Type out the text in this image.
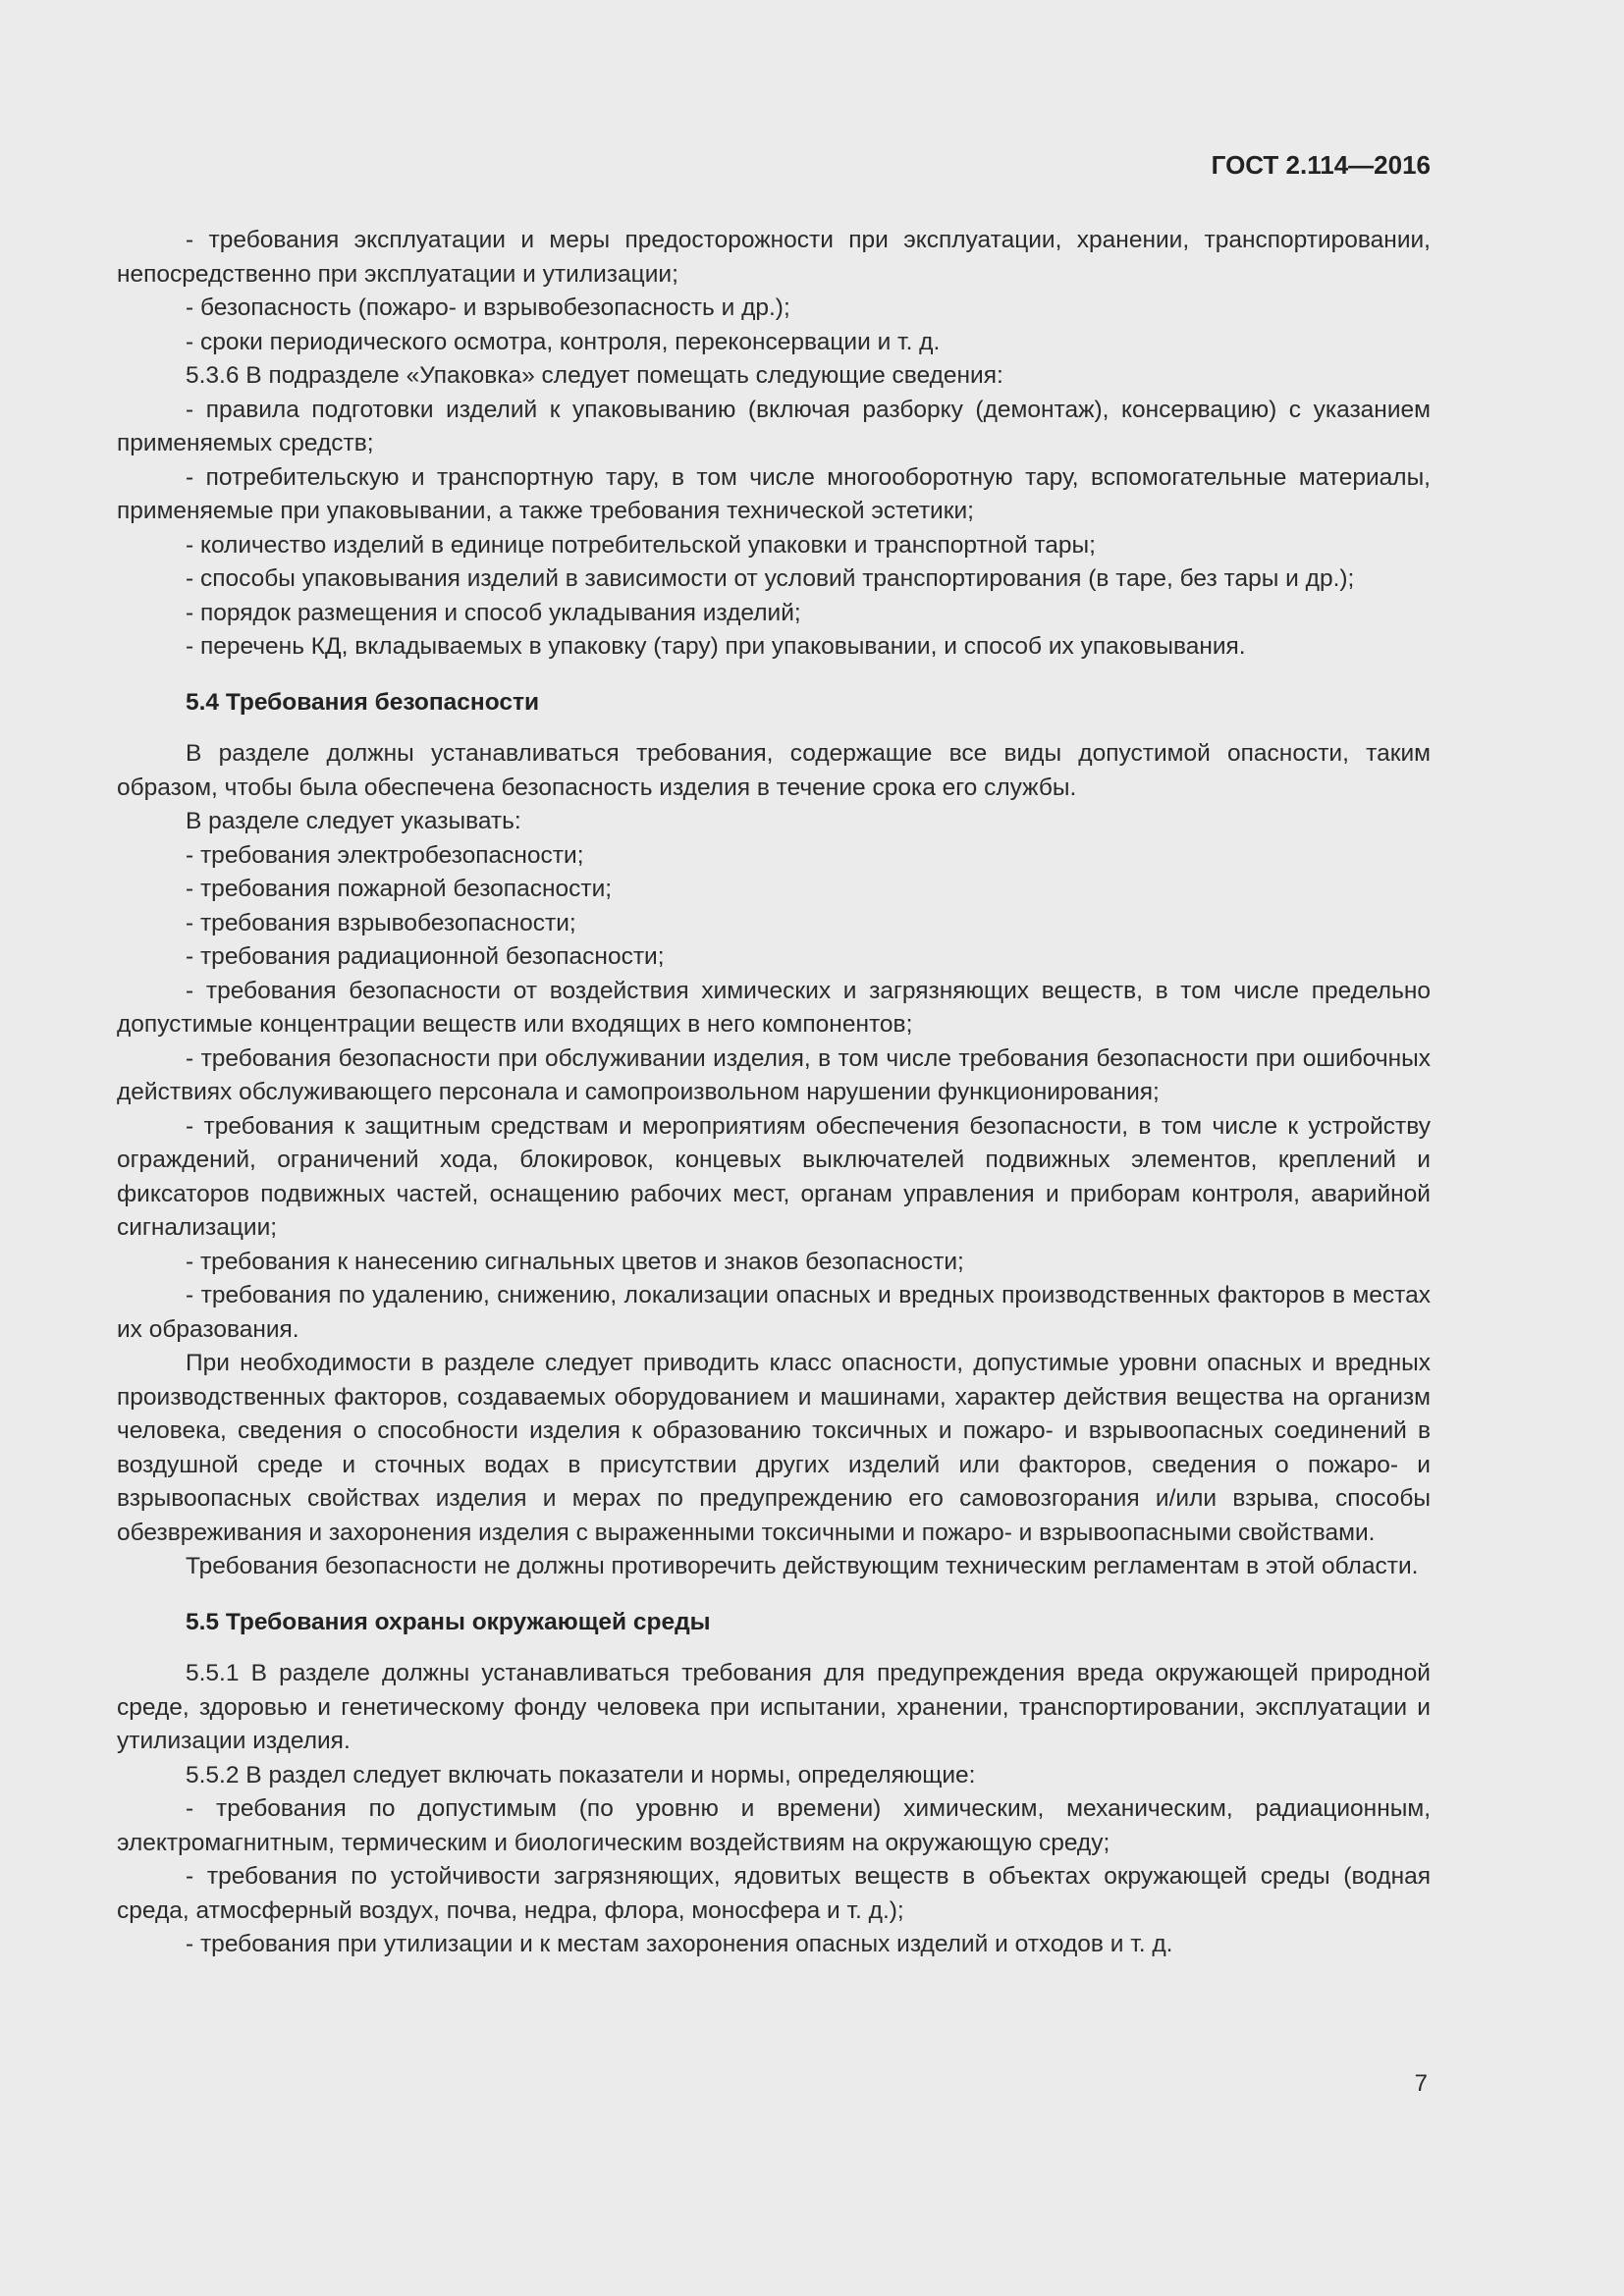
ГОСТ 2.114—2016

- требования эксплуатации и меры предосторожности при эксплуатации, хранении, транспортировании, непосредственно при эксплуатации и утилизации;

- безопасность (пожаро- и взрывобезопасность и др.);

- сроки периодического осмотра, контроля, переконсервации и т. д.

5.3.6 В подразделе «Упаковка» следует помещать следующие сведения:

- правила подготовки изделий к упаковыванию (включая разборку (демонтаж), консервацию) с указанием применяемых средств;

- потребительскую и транспортную тару, в том числе многооборотную тару, вспомогательные материалы, применяемые при упаковывании, а также требования технической эстетики;

- количество изделий в единице потребительской упаковки и транспортной тары;

- способы упаковывания изделий в зависимости от условий транспортирования (в таре, без тары и др.);

- порядок размещения и способ укладывания изделий;

- перечень КД, вкладываемых в упаковку (тару) при упаковывании, и способ их упаковывания.

5.4 Требования безопасности

В разделе должны устанавливаться требования, содержащие все виды допустимой опасности, таким образом, чтобы была обеспечена безопасность изделия в течение срока его службы.

В разделе следует указывать:

- требования электробезопасности;

- требования пожарной безопасности;

- требования взрывобезопасности;

- требования радиационной безопасности;

- требования безопасности от воздействия химических и загрязняющих веществ, в том числе предельно допустимые концентрации веществ или входящих в него компонентов;

- требования безопасности при обслуживании изделия, в том числе требования безопасности при ошибочных действиях обслуживающего персонала и самопроизвольном нарушении функционирования;

- требования к защитным средствам и мероприятиям обеспечения безопасности, в том числе к устройству ограждений, ограничений хода, блокировок, концевых выключателей подвижных элементов, креплений и фиксаторов подвижных частей, оснащению рабочих мест, органам управления и приборам контроля, аварийной сигнализации;

- требования к нанесению сигнальных цветов и знаков безопасности;

- требования по удалению, снижению, локализации опасных и вредных производственных факторов в местах их образования.

При необходимости в разделе следует приводить класс опасности, допустимые уровни опасных и вредных производственных факторов, создаваемых оборудованием и машинами, характер действия вещества на организм человека, сведения о способности изделия к образованию токсичных и пожаро- и взрывоопасных соединений в воздушной среде и сточных водах в присутствии других изделий или факторов, сведения о пожаро- и взрывоопасных свойствах изделия и мерах по предупреждению его самовозгорания и/или взрыва, способы обезвреживания и захоронения изделия с выраженными токсичными и пожаро- и взрывоопасными свойствами.

Требования безопасности не должны противоречить действующим техническим регламентам в этой области.

5.5 Требования охраны окружающей среды

5.5.1 В разделе должны устанавливаться требования для предупреждения вреда окружающей природной среде, здоровью и генетическому фонду человека при испытании, хранении, транспортировании, эксплуатации и утилизации изделия.

5.5.2 В раздел следует включать показатели и нормы, определяющие:

- требования по допустимым (по уровню и времени) химическим, механическим, радиационным, электромагнитным, термическим и биологическим воздействиям на окружающую среду;

- требования по устойчивости загрязняющих, ядовитых веществ в объектах окружающей среды (водная среда, атмосферный воздух, почва, недра, флора, моносфера и т. д.);

- требования при утилизации и к местам захоронения опасных изделий и отходов и т. д.

7
